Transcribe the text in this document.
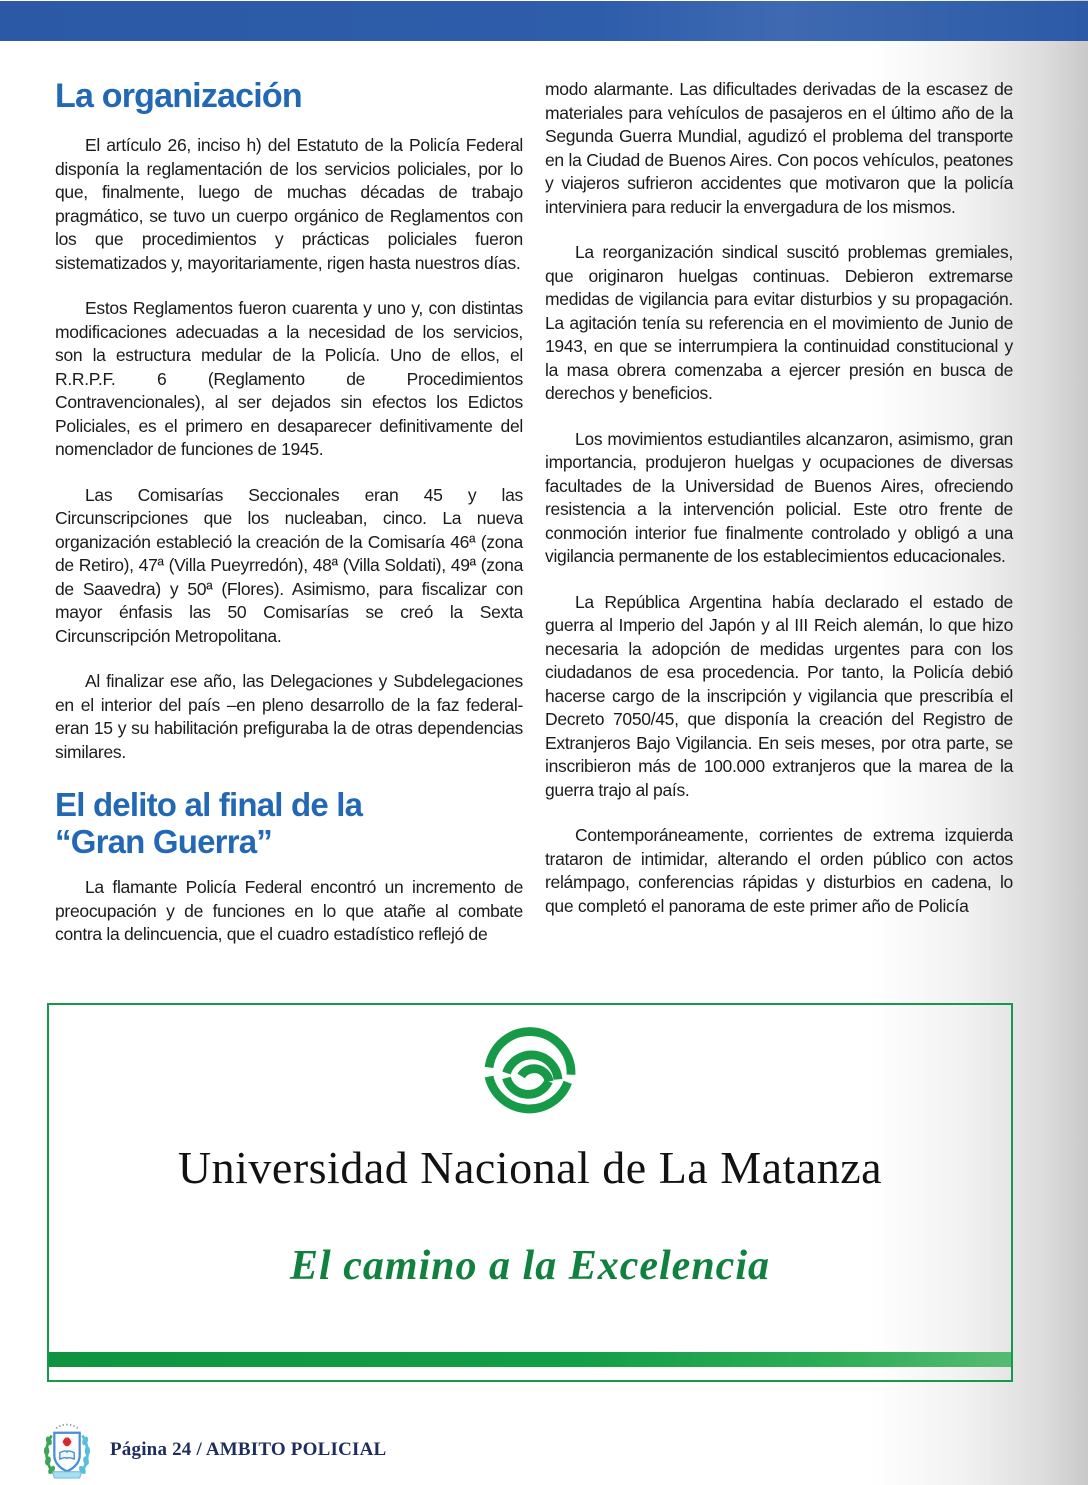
La organización

El artículo 26, inciso h) del Estatuto de la Policía Federal disponía la reglamentación de los servicios policiales, por lo que, finalmente, luego de muchas décadas de trabajo pragmático, se tuvo un cuerpo orgánico de Reglamentos con los que procedimientos y prácticas policiales fueron sistematizados y, mayoritariamente, rigen hasta nuestros días.

Estos Reglamentos fueron cuarenta y uno y, con distintas modificaciones adecuadas a la necesidad de los servicios, son la estructura medular de la Policía. Uno de ellos, el R.R.P.F. 6 (Reglamento de Procedimientos Contravencionales), al ser dejados sin efectos los Edictos Policiales, es el primero en desaparecer definitivamente del nomenclador de funciones de 1945.

Las Comisarías Seccionales eran 45 y las Circunscripciones que los nucleaban, cinco. La nueva organización estableció la creación de la Comisaría 46ª (zona de Retiro), 47ª (Villa Pueyrredón), 48ª (Villa Soldati), 49ª (zona de Saavedra) y 50ª (Flores). Asimismo, para fiscalizar con mayor énfasis las 50 Comisarías se creó la Sexta Circunscripción Metropolitana.

Al finalizar ese año, las Delegaciones y Subdelegaciones en el interior del país –en pleno desarrollo de la faz federal- eran 15 y su habilitación prefiguraba la de otras dependencias similares.

El delito al final de la
“Gran Guerra”

La flamante Policía Federal encontró un incremento de preocupación y de funciones en lo que atañe al combate contra la delincuencia, que el cuadro estadístico reflejó de

modo alarmante. Las dificultades derivadas de la escasez de materiales para vehículos de pasajeros en el último año de la Segunda Guerra Mundial, agudizó el problema del transporte en la Ciudad de Buenos Aires. Con pocos vehículos, peatones y viajeros sufrieron accidentes que motivaron que la policía interviniera para reducir la envergadura de los mismos.

La reorganización sindical suscitó problemas gremiales, que originaron huelgas continuas. Debieron extremarse medidas de vigilancia para evitar disturbios y su propagación. La agitación tenía su referencia en el movimiento de Junio de 1943, en que se interrumpiera la continuidad constitucional y la masa obrera comenzaba a ejercer presión en busca de derechos y beneficios.

Los movimientos estudiantiles alcanzaron, asimismo, gran importancia, produjeron huelgas y ocupaciones de diversas facultades de la Universidad de Buenos Aires, ofreciendo resistencia a la intervención policial. Este otro frente de conmoción interior fue finalmente controlado y obligó a una vigilancia permanente de los establecimientos educacionales.

La República Argentina había declarado el estado de guerra al Imperio del Japón y al III Reich alemán, lo que hizo necesaria la adopción de medidas urgentes para con los ciudadanos de esa procedencia. Por tanto, la Policía debió hacerse cargo de la inscripción y vigilancia que prescribía el Decreto 7050/45, que disponía la creación del Registro de Extranjeros Bajo Vigilancia. En seis meses, por otra parte, se inscribieron más de 100.000 extranjeros que la marea de la guerra trajo al país.

Contemporáneamente, corrientes de extrema izquierda trataron de intimidar, alterando el orden público con actos relámpago, conferencias rápidas y disturbios en cadena, lo que completó el panorama de este primer año de Policía

Universidad Nacional de La Matanza
El camino a la Excelencia
Página 24 / AMBITO POLICIAL
